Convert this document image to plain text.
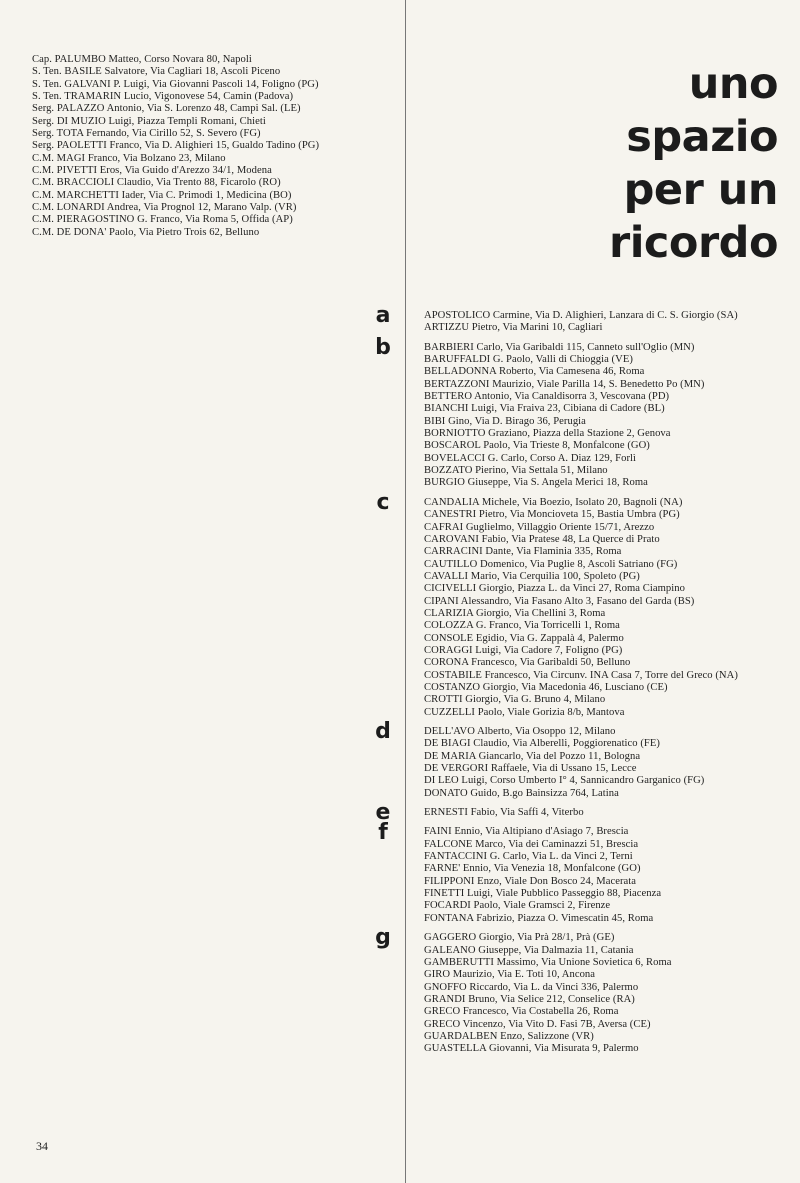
Cap. PALUMBO Matteo, Corso Novara 80, Napoli
S. Ten. BASILE Salvatore, Via Cagliari 18, Ascoli Piceno
S. Ten. GALVANI P. Luigi, Via Giovanni Pascoli 14, Foligno (PG)
S. Ten. TRAMARIN Lucio, Vigonovese 54, Camin (Padova)
Serg. PALAZZO Antonio, Via S. Lorenzo 48, Campi Sal. (LE)
Serg. DI MUZIO Luigi, Piazza Templi Romani, Chieti
Serg. TOTA Fernando, Via Cirillo 52, S. Severo (FG)
Serg. PAOLETTI Franco, Via D. Alighieri 15, Gualdo Tadino (PG)
C.M. MAGI Franco, Via Bolzano 23, Milano
C.M. PIVETTI Eros, Via Guido d'Arezzo 34/1, Modena
C.M. BRACCIOLI Claudio, Via Trento 88, Ficarolo (RO)
C.M. MARCHETTI Iader, Via C. Primodi 1, Medicina (BO)
C.M. LONARDI Andrea, Via Prognol 12, Marano Valp. (VR)
C.M. PIERAGOSTINO G. Franco, Via Roma 5, Offida (AP)
C.M. DE DONA' Paolo, Via Pietro Trois 62, Belluno
uno
spazio
per un
ricordo
APOSTOLICO Carmine, Via D. Alighieri, Lanzara di C. S. Giorgio (SA)
ARTIZZU Pietro, Via Marini 10, Cagliari
BARBIERI Carlo, Via Garibaldi 115, Canneto sull'Oglio (MN)
BARUFFALDI G. Paolo, Valli di Chioggia (VE)
BELLADONNA Roberto, Via Camesena 46, Roma
BERTAZZONI Maurizio, Viale Parilla 14, S. Benedetto Po (MN)
BETTERO Antonio, Via Canaldisorra 3, Vescovana (PD)
BIANCHI Luigi, Via Fraiva 23, Cibiana di Cadore (BL)
BIBI Gino, Via D. Birago 36, Perugia
BORNIOTTO Graziano, Piazza della Stazione 2, Genova
BOSCAROL Paolo, Via Trieste 8, Monfalcone (GO)
BOVELACCI G. Carlo, Corso A. Diaz 129, Forlì
BOZZATO Pierino, Via Settala 51, Milano
BURGIO Giuseppe, Via S. Angela Merici 18, Roma
CANDALIA Michele, Via Boezio, Isolato 20, Bagnoli (NA)
CANESTRI Pietro, Via Moncioveta 15, Bastia Umbra (PG)
CAFRAI Guglielmo, Villaggio Oriente 15/71, Arezzo
CAROVANI Fabio, Via Pratese 48, La Querce di Prato
CARRACINI Dante, Via Flaminia 335, Roma
CAUTILLO Domenico, Via Puglie 8, Ascoli Satriano (FG)
CAVALLI Mario, Via Cerquilia 100, Spoleto (PG)
CICIVELLI Giorgio, Piazza L. da Vinci 27, Roma Ciampino
CIPANI Alessandro, Via Fasano Alto 3, Fasano del Garda (BS)
CLARIZIA Giorgio, Via Chellini 3, Roma
COLOZZA G. Franco, Via Torricelli 1, Roma
CONSOLE Egidio, Via G. Zappalà 4, Palermo
CORAGGI Luigi, Via Cadore 7, Foligno (PG)
CORONA Francesco, Via Garibaldi 50, Belluno
COSTABILE Francesco, Via Circunv. INA Casa 7, Torre del Greco (NA)
COSTANZO Giorgio, Via Macedonia 46, Lusciano (CE)
CROTTI Giorgio, Via G. Bruno 4, Milano
CUZZELLI Paolo, Viale Gorizia 8/b, Mantova
DELL'AVO Alberto, Via Osoppo 12, Milano
DE BIAGI Claudio, Via Alberelli, Poggiorenatico (FE)
DE MARIA Giancarlo, Via del Pozzo 11, Bologna
DE VERGORI Raffaele, Via di Ussano 15, Lecce
DI LEO Luigi, Corso Umberto I° 4, Sannicandro Garganico (FG)
DONATO Guido, B.go Bainsizza 764, Latina
ERNESTI Fabio, Via Saffi 4, Viterbo
FAINI Ennio, Via Altipiano d'Asiago 7, Brescia
FALCONE Marco, Via dei Caminazzi 51, Brescia
FANTACCINI G. Carlo, Via L. da Vinci 2, Terni
FARNE' Ennio, Via Venezia 18, Monfalcone (GO)
FILIPPONI Enzo, Viale Don Bosco 24, Macerata
FINETTI Luigi, Viale Pubblico Passeggio 88, Piacenza
FOCARDI Paolo, Viale Gramsci 2, Firenze
FONTANA Fabrizio, Piazza O. Vimescatin 45, Roma
GAGGERO Giorgio, Via Prà 28/1, Prà (GE)
GALEANO Giuseppe, Via Dalmazia 11, Catania
GAMBERUTTI Massimo, Via Unione Sovietica 6, Roma
GIRO Maurizio, Via E. Toti 10, Ancona
GNOFFO Riccardo, Via L. da Vinci 336, Palermo
GRANDI Bruno, Via Selice 212, Conselice (RA)
GRECO Francesco, Via Costabella 26, Roma
GRECO Vincenzo, Via Vito D. Fasi 7B, Aversa (CE)
GUARDALBEN Enzo, Salizzone (VR)
GUASTELLA Giovanni, Via Misurata 9, Palermo
34
a
b
c
d
e
f
g
